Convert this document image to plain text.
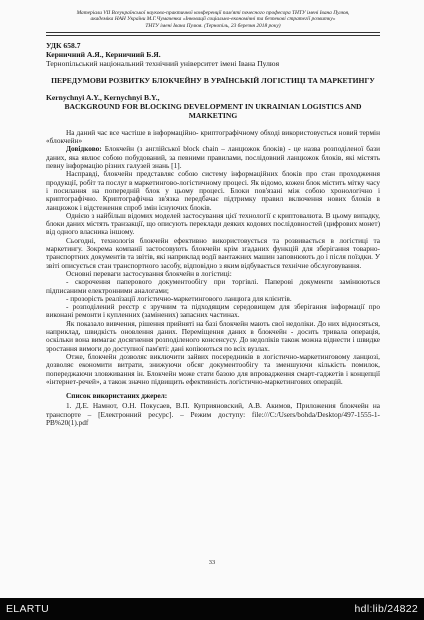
Матеріали VІІ Всеукраїнської науково-практичної конференції пам'яті почесного професора ТНТУ імені Івана Пулюя,
академіка НАН України М.Г.Чумаченка «Інновації соціально-економічні та безпекові стратегії розвитку»
ТНТУ імені Івана Пулюя. (Тернопіль, 23 березня 2018 року)
УДК 658.7
Керничний А.Я., Керничний Б.Я.
Тернопільський національний технічний університет імені Івана Пулюя
ПЕРЕДУМОВИ РОЗВИТКУ БЛОКЧЕЙНУ В УРАЇНСЬКІЙ ЛОГІСТИЦІ ТА МАРКЕТИНГУ
Kernychnyi A.Y., Kernychnyi B.Y.,
BACKGROUND FOR BLOCKING DEVELOPMENT IN UKRAINIAN LOGISTICS AND MARKETING

На даний час все частіше в інформаційно- криптографічному обході використовується новий термін «блокчейн»

Довідково: Блокчейн (з англійської block chain – ланцюжок блоків) - це назва розподіленої бази даних, яка явлює собою побудований, за певними правилами, послідовний ланцюжок блоків, які містять певну інформацію різних галузей знань [1].

Насправді, блокчейн представляє собою систему інформаційних блоків про стан проходження продукції, робіт та послуг в маркетингово-логістичному процесі. Як відомо, кожен блок містить мітку часу і посилання на попередній блок у цьому процесі. Блоки пов'язані між собою хронологічно і криптографічно. Криптографічна зв'язка передбачає підтримку правил включення нових блоків в ланцюжок і відстеження спроб змін існуючих блоків.

Однією з найбільш відомих моделей застосування цієї технології є криптовалюта. В цьому випадку, блоки даних містять транзакції, що описують переклади деяких кодових послідовностей (цифрових монет) від одного власника іншому.

Сьогодні, технологія блокчейн ефективно використовується та розвивається в логістиці та маркетингу. Зокрема компанії застосовують блокчейн крім згаданих функцій для зберігання товарно-транспортних документів та звітів, які наприклад водії вантажних машин заповнюють до і після поїздки. У звіті описується стан транспортного засобу, відповідно з яким відбувається технічне обслуговування.

Основні переваги застосування блокчейн в логістиці:

- скорочення паперового документообігу при торгівлі. Паперові документи замінюються підписаними електронними аналогами;

- прозорість реалізації логістично-маркетингового ланцюга для клієнтів.

- розподілений реєстр є зручним та підходящим середовищем для зберігання інформації про виконані ремонти і купленних (замінених) запасних частинах.

Як показало вивчення, рішення прийняті на базі блокчейн мають свої недоліки. До них відносяться, наприклад, швидкість оновлення даних. Переміщення даних в блокчейн - досить тривала операція, оскільки вона вимагає досягнення розподіленого консенсусу. До недоліків також можна віднести і швидке зростання вимоги до доступної пам'яті: дані копіюються по всіх вузлах.

Отже, блокчейн дозволяє виключити зайвих посередників в логістично-маркетинговому ланцюзі, дозволяє економити витрати, знижуючи обсяг документообігу та зменшуючи кількість помилок, попереджаючи зловживання ін. Блокчейн може стати базою для впровадження смарт-гаджетів і концепції «інтернет-речей», а також значно підвищить ефективність логістично-маркетингових операцій.

Список використаних джерел:

1. Д.Е. Намнот, О.Н. Покусаев, В.П. Куприяновский, А.В. Акимов, Приложения блокчейн на транспорте – [Електронний ресурс]. – Режим доступу: file:///C:/Users/bohda/Desktop/497-1555-1-PB%20(1).pdf

33
ELARTU	hdl:lib/24822
